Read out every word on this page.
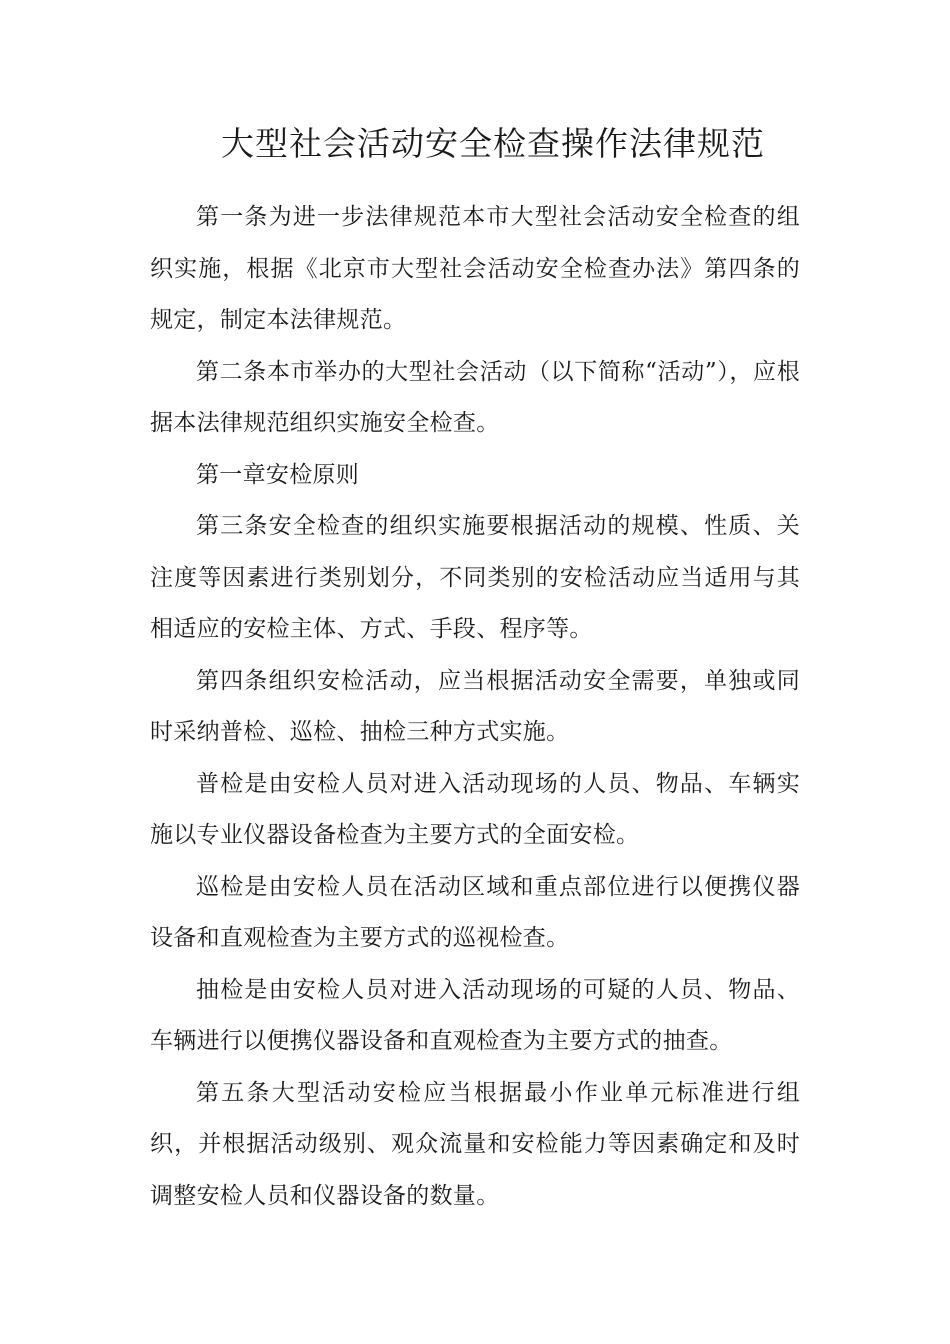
大型社会活动安全检查操作法律规范

第一条为进一步法律规范本市大型社会活动安全检查的组织实施，根据《北京市大型社会活动安全检查办法》第四条的规定，制定本法律规范。

第二条本市举办的大型社会活动（以下简称“活动”），应根据本法律规范组织实施安全检查。

第一章安检原则

第三条安全检查的组织实施要根据活动的规模、性质、关注度等因素进行类别划分，不同类别的安检活动应当适用与其相适应的安检主体、方式、手段、程序等。

第四条组织安检活动，应当根据活动安全需要，单独或同时采纳普检、巡检、抽检三种方式实施。

普检是由安检人员对进入活动现场的人员、物品、车辆实施以专业仪器设备检查为主要方式的全面安检。

巡检是由安检人员在活动区域和重点部位进行以便携仪器设备和直观检查为主要方式的巡视检查。

抽检是由安检人员对进入活动现场的可疑的人员、物品、车辆进行以便携仪器设备和直观检查为主要方式的抽查。

第五条大型活动安检应当根据最小作业单元标准进行组织，并根据活动级别、观众流量和安检能力等因素确定和及时调整安检人员和仪器设备的数量。
